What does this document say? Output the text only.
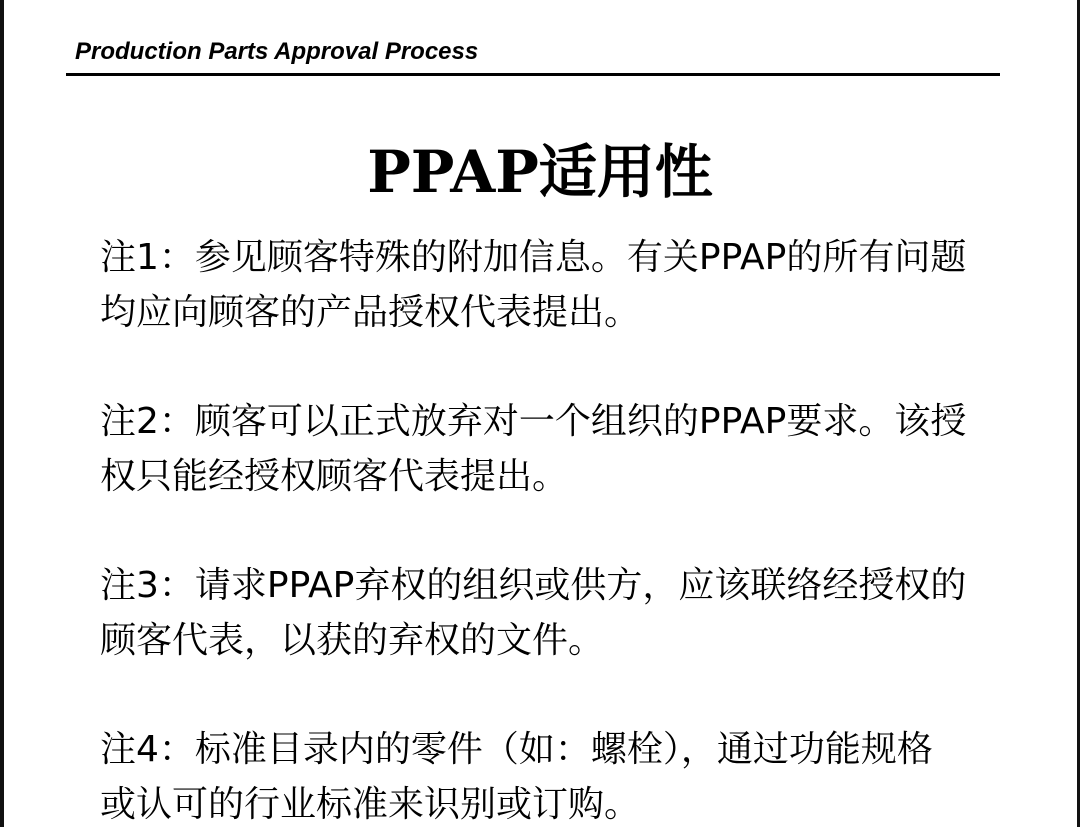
Production Parts Approval Process
PPAP适用性

注1：参见顾客特殊的附加信息。有关PPAP的所有问题
均应向顾客的产品授权代表提出。

注2：顾客可以正式放弃对一个组织的PPAP要求。该授
权只能经授权顾客代表提出。

注3：请求PPAP弃权的组织或供方，应该联络经授权的
顾客代表，以获的弃权的文件。

注4：标准目录内的零件（如：螺栓），通过功能规格
或认可的行业标准来识别或订购。
